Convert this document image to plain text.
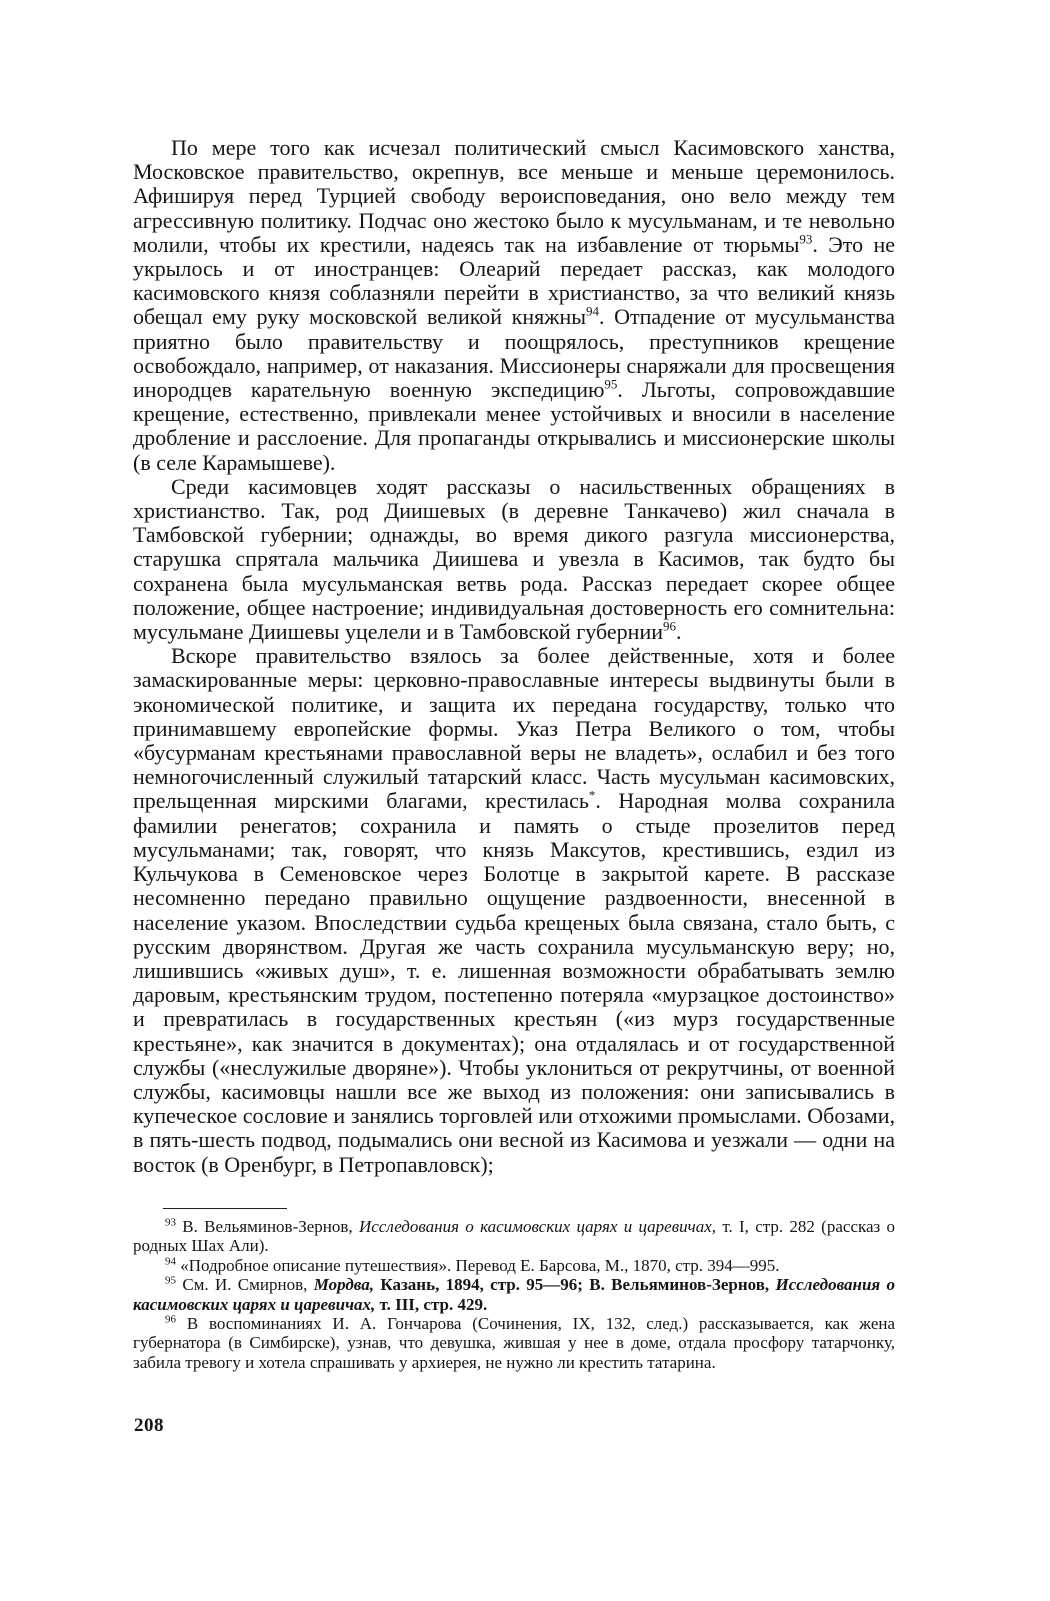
По мере того как исчезал политический смысл Касимовского ханства, Московское правительство, окрепнув, все меньше и меньше церемонилось. Афишируя перед Турцией свободу вероисповедания, оно вело между тем агрессивную политику. Подчас оно жестоко было к мусульманам, и те невольно молили, чтобы их крестили, надеясь так на избавление от тюрьмы$^{93}$. Это не укрылось и от иностранцев: Олеарий передает рассказ, как молодого касимовского князя соблазняли перейти в христианство, за что великий князь обещал ему руку московской великой княжны$^{94}$. Отпадение от мусульманства приятно было правительству и поощрялось, преступников крещение освобождало, например, от наказания. Миссионеры снаряжали для просвещения инородцев карательную военную экспедицию$^{95}$. Льготы, сопровождавшие крещение, естественно, привлекали менее устойчивых и вносили в население дробление и расслоение. Для пропаганды открывались и миссионерские школы (в селе Карамышеве).

Среди касимовцев ходят рассказы о насильственных обращениях в христианство. Так, род Диишевых (в деревне Танкачево) жил сначала в Тамбовской губернии; однажды, во время дикого разгула миссионерства, старушка спрятала мальчика Диишева и увезла в Касимов, так будто бы сохранена была мусульманская ветвь рода. Рассказ передает скорее общее положение, общее настроение; индивидуальная достоверность его сомнительна: мусульмане Диишевы уцелели и в Тамбовской губернии$^{96}$.

Вскоре правительство взялось за более действенные, хотя и более замаскированные меры: церковно-православные интересы выдвинуты были в экономической политике, и защита их передана государству, только что принимавшему европейские формы. Указ Петра Великого о том, чтобы «бусурманам крестьянами православной веры не владеть», ослабил и без того немногочисленный служилый татарский класс. Часть мусульман касимовских, прельщенная мирскими благами, крестилась*. Народная молва сохранила фамилии ренегатов; сохранила и память о стыде прозелитов перед мусульманами; так, говорят, что князь Максутов, крестившись, ездил из Кульчукова в Семеновское через Болотце в закрытой карете. В рассказе несомненно передано правильно ощущение раздвоенности, внесенной в население указом. Впоследствии судьба крещеных была связана, стало быть, с русским дворянством. Другая же часть сохранила мусульманскую веру; но, лишившись «живых душ», т. е. лишенная возможности обрабатывать землю даровым, крестьянским трудом, постепенно потеряла «мурзацкое достоинство» и превратилась в государственных крестьян («из мурз государственные крестьяне», как значится в документах); она отдалялась и от государственной службы («неслужилые дворяне»). Чтобы уклониться от рекрутчины, от военной службы, касимовцы нашли все же выход из положения: они записывались в купеческое сословие и занялись торговлей или отхожими промыслами. Обозами, в пять-шесть подвод, подымались они весной из Касимова и уезжали — одни на восток (в Оренбург, в Петропавловск);

$^{93}$ В. Вельяминов-Зернов, Исследования о касимовских царях и царевичах, т. I, стр. 282 (рассказ о родных Шах Али).

$^{94}$ «Подробное описание путешествия». Перевод Е. Барсова, М., 1870, стр. 394—995.

$^{95}$ См. И. Смирнов, Мордва, Казань, 1894, стр. 95—96; В. Вельяминов-Зернов, Исследования о касимовских царях и царевичах, т. III, стр. 429.

$^{96}$ В воспоминаниях И. А. Гончарова (Сочинения, IX, 132, след.) рассказывается, как жена губернатора (в Симбирске), узнав, что девушка, жившая у нее в доме, отдала просфору татарчонку, забила тревогу и хотела спрашивать у архиерея, не нужно ли крестить татарина.

208
